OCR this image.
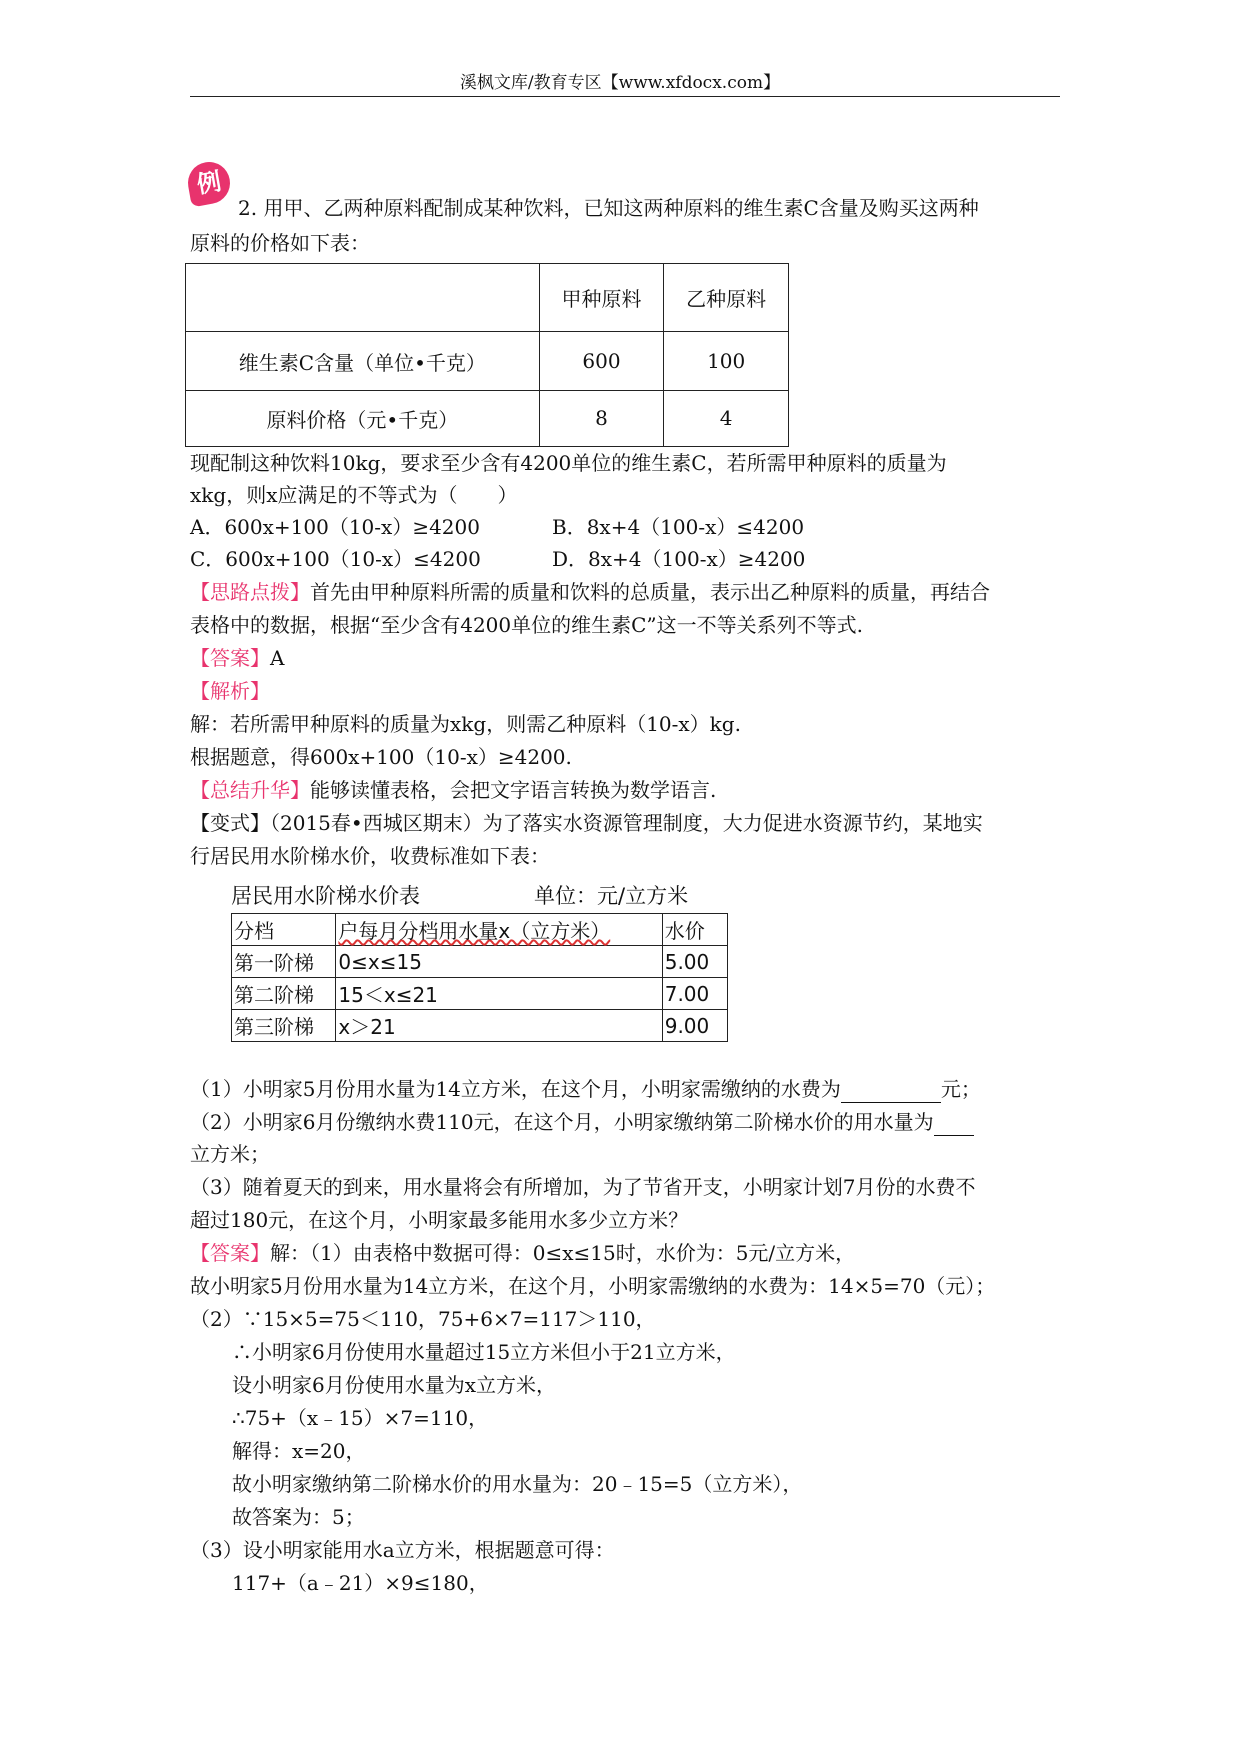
溪枫文库/教育专区【www.xfdocx.com】
例
2. 用甲、乙两种原料配制成某种饮料，已知这两种原料的维生素C含量及购买这两种
原料的价格如下表：
	甲种原料	乙种原料
维生素C含量（单位•千克）	600	100
原料价格（元•千克）	8	4
现配制这种饮料10kg，要求至少含有4200单位的维生素C，若所需甲种原料的质量为
xkg，则x应满足的不等式为（　　）
A．600x+100（10-x）≥4200	B．8x+4（100-x）≤4200
C．600x+100（10-x）≤4200	D．8x+4（100-x）≥4200
【思路点拨】首先由甲种原料所需的质量和饮料的总质量，表示出乙种原料的质量，再结合
表格中的数据，根据“至少含有4200单位的维生素C”这一不等关系列不等式.
【答案】A
【解析】
解：若所需甲种原料的质量为xkg，则需乙种原料（10-x）kg.
根据题意，得600x+100（10-x）≥4200.
【总结升华】能够读懂表格，会把文字语言转换为数学语言.
【变式】（2015春•西城区期末）为了落实水资源管理制度，大力促进水资源节约，某地实
行居民用水阶梯水价，收费标准如下表：
居民用水阶梯水价表	单位：元/立方米
分档	户每月分档用水量x（立方米）	水价
第一阶梯	0≤x≤15	5.00
第二阶梯	15＜x≤21	7.00
第三阶梯	x＞21	9.00
（1）小明家5月份用水量为14立方米，在这个月，小明家需缴纳的水费为	元；
（2）小明家6月份缴纳水费110元，在这个月，小明家缴纳第二阶梯水价的用水量为
立方米；
（3）随着夏天的到来，用水量将会有所增加，为了节省开支，小明家计划7月份的水费不
超过180元，在这个月，小明家最多能用水多少立方米？
【答案】解：（1）由表格中数据可得：0≤x≤15时，水价为：5元/立方米，
故小明家5月份用水量为14立方米，在这个月，小明家需缴纳的水费为：14×5=70（元）；
（2）∵15×5=75＜110，75+6×7=117＞110，
∴小明家6月份使用水量超过15立方米但小于21立方米，
设小明家6月份使用水量为x立方米，
∴75+（x﹣15）×7=110，
解得：x=20，
故小明家缴纳第二阶梯水价的用水量为：20﹣15=5（立方米），
故答案为：5；
（3）设小明家能用水a立方米，根据题意可得：
117+（a﹣21）×9≤180，
